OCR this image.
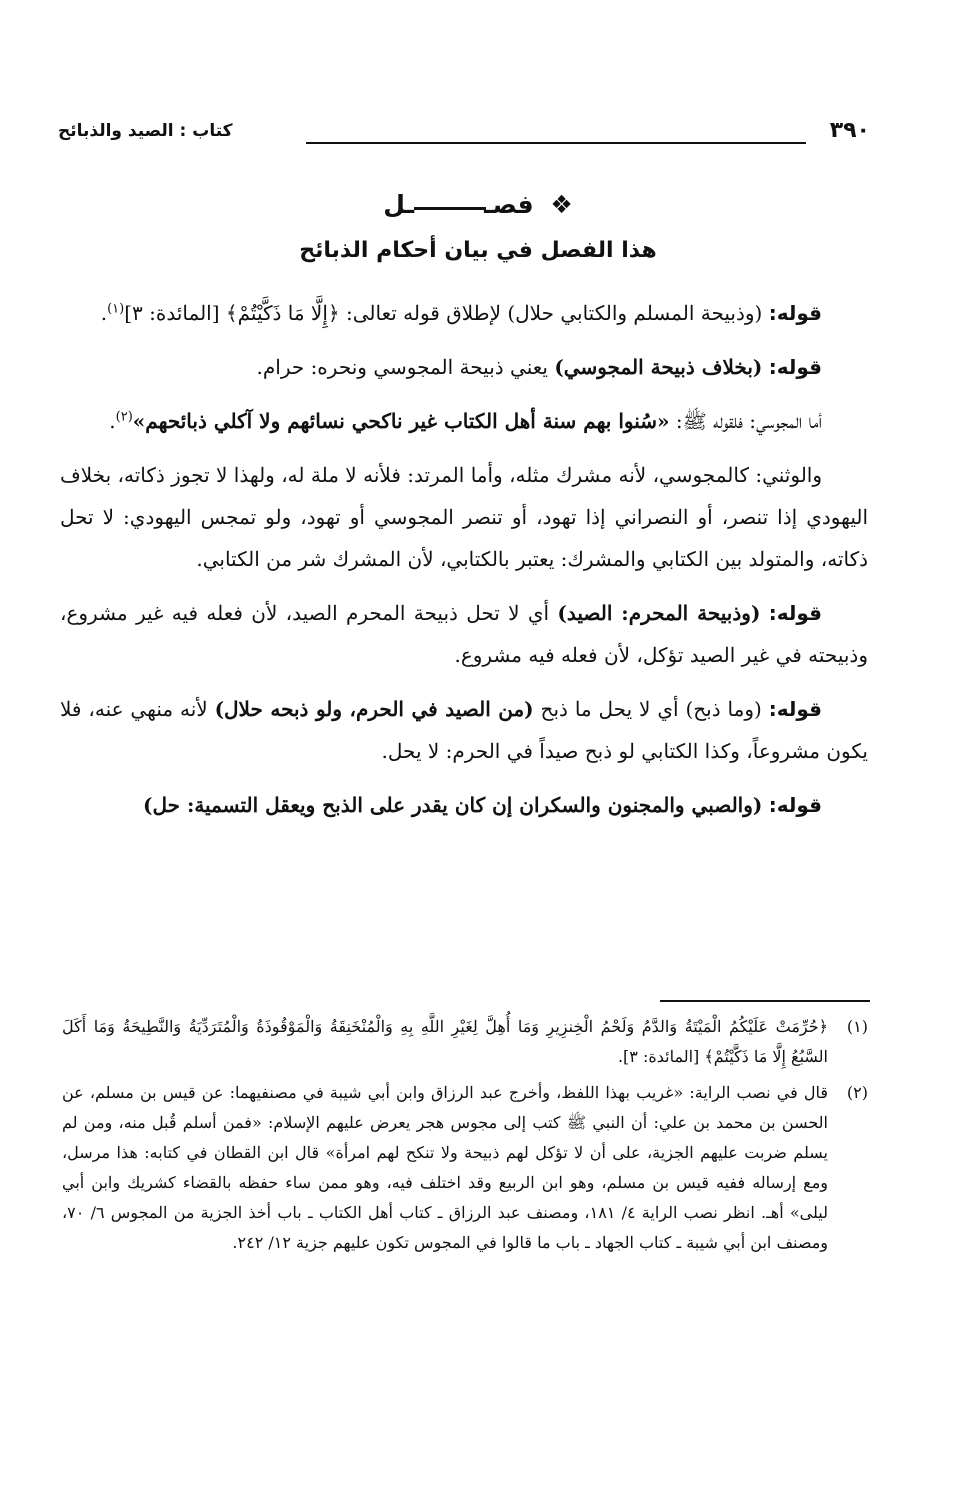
٣٩٠
كتاب : الصيد والذبائح
❖ فصــل
هذا الفصل في بيان أحكام الذبائح

قوله: (وذبيحة المسلم والكتابي حلال) لإطلاق قوله تعالى: ﴿إِلَّا مَا ذَكَّيْتُمْ﴾ [المائدة: ٣]$^{(١)}$.

قوله: (بخلاف ذبيحة المجوسي) يعني ذبيحة المجوسي ونحره: حرام.

أما المجوسي: فلقوله ﷺ: «سُنوا بهم سنة أهل الكتاب غير ناكحي نسائهم ولا آكلي ذبائحهم»$^{(٢)}$.

والوثني: كالمجوسي، لأنه مشرك مثله، وأما المرتد: فلأنه لا ملة له، ولهذا لا تجوز ذكاته، بخلاف اليهودي إذا تنصر، أو النصراني إذا تهود، أو تنصر المجوسي أو تهود، ولو تمجس اليهودي: لا تحل ذكاته، والمتولد بين الكتابي والمشرك: يعتبر بالكتابي، لأن المشرك شر من الكتابي.

قوله: (وذبيحة المحرم: الصيد) أي لا تحل ذبيحة المحرم الصيد، لأن فعله فيه غير مشروع، وذبيحته في غير الصيد تؤكل، لأن فعله فيه مشروع.

قوله: (وما ذبح) أي لا يحل ما ذبح (من الصيد في الحرم، ولو ذبحه حلال) لأنه منهي عنه، فلا يكون مشروعاً، وكذا الكتابي لو ذبح صيداً في الحرم: لا يحل.

قوله: (والصبي والمجنون والسكران إن كان يقدر على الذبح ويعقل التسمية: حل)

(١)
﴿حُرِّمَتْ عَلَيْكُمُ الْمَيْتَةُ وَالدَّمُ وَلَحْمُ الْخِنزِيرِ وَمَا أُهِلَّ لِغَيْرِ اللَّهِ بِهِ وَالْمُنْخَنِقَةُ وَالْمَوْقُوذَةُ وَالْمُتَرَدِّيَةُ وَالنَّطِيحَةُ وَمَا أَكَلَ السَّبُعُ إِلَّا مَا ذَكَّيْتُمْ﴾ [المائدة: ٣].
(٢)
قال في نصب الراية: «غريب بهذا اللفظ، وأخرج عبد الرزاق وابن أبي شيبة في مصنفيهما: عن قيس بن مسلم، عن الحسن بن محمد بن علي: أن النبي ﷺ كتب إلى مجوس هجر يعرض عليهم الإسلام: «فمن أسلم قُبل منه، ومن لم يسلم ضربت عليهم الجزية، على أن لا تؤكل لهم ذبيحة ولا تنكح لهم امرأة» قال ابن القطان في كتابه: هذا مرسل، ومع إرساله ففيه قيس بن مسلم، وهو ابن الربيع وقد اختلف فيه، وهو ممن ساء حفظه بالقضاء كشريك وابن أبي ليلى» أهـ. انظر نصب الراية ٤/ ١٨١، ومصنف عبد الرزاق ـ كتاب أهل الكتاب ـ باب أخذ الجزية من المجوس ٦/ ٧٠، ومصنف ابن أبي شيبة ـ كتاب الجهاد ـ باب ما قالوا في المجوس تكون عليهم جزية ١٢/ ٢٤٢.
